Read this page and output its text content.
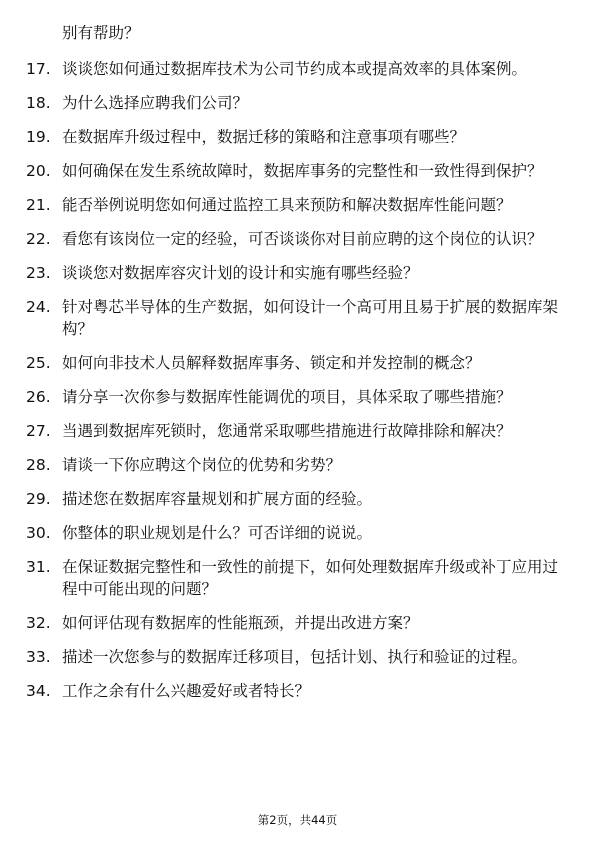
别有帮助？
17. 谈谈您如何通过数据库技术为公司节约成本或提高效率的具体案例。
18. 为什么选择应聘我们公司？
19. 在数据库升级过程中，数据迁移的策略和注意事项有哪些？
20. 如何确保在发生系统故障时，数据库事务的完整性和一致性得到保护？
21. 能否举例说明您如何通过监控工具来预防和解决数据库性能问题？
22. 看您有该岗位一定的经验，可否谈谈你对目前应聘的这个岗位的认识？
23. 谈谈您对数据库容灾计划的设计和实施有哪些经验？
24. 针对粤芯半导体的生产数据，如何设计一个高可用且易于扩展的数据库架构？
25. 如何向非技术人员解释数据库事务、锁定和并发控制的概念？
26. 请分享一次你参与数据库性能调优的项目，具体采取了哪些措施？
27. 当遇到数据库死锁时，您通常采取哪些措施进行故障排除和解决？
28. 请谈一下你应聘这个岗位的优势和劣势？
29. 描述您在数据库容量规划和扩展方面的经验。
30. 你整体的职业规划是什么？可否详细的说说。
31. 在保证数据完整性和一致性的前提下，如何处理数据库升级或补丁应用过程中可能出现的问题？
32. 如何评估现有数据库的性能瓶颈，并提出改进方案？
33. 描述一次您参与的数据库迁移项目，包括计划、执行和验证的过程。
34. 工作之余有什么兴趣爱好或者特长？
第2页，共44页
